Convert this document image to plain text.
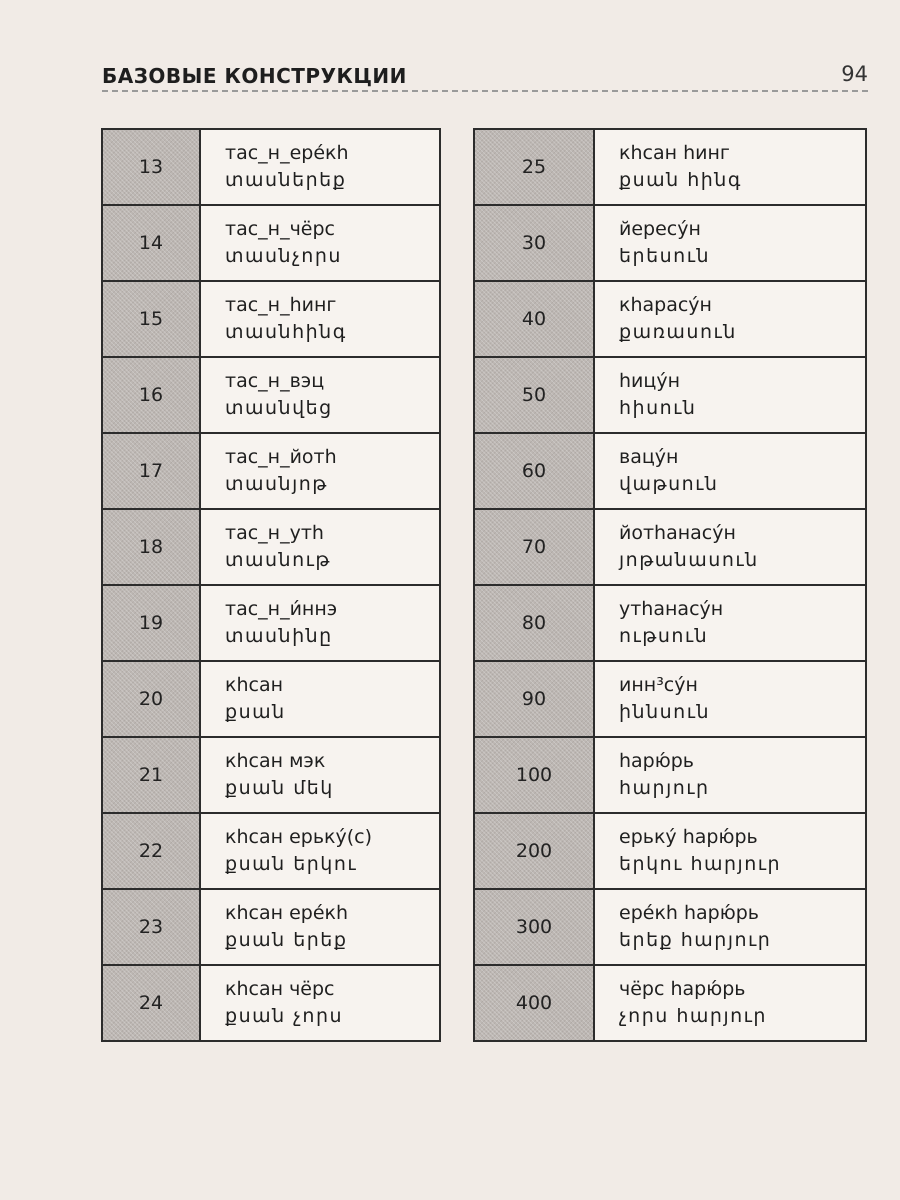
БАЗОВЫЕ КОНСТРУКЦИИ	94
13	тас_н_ере́кһ
տասներեք

14	тас_н_чёрс
տասնչորս

15	тас_н_һинг
տասնհինգ

16	тас_н_вэц
տասնվեց

17	тас_н_йотһ
տասնյոթ

18	тас_н_утһ
տասնութ

19	тас_н_и́ннэ
տասնինը

20	кһсан
քսան

21	кһсан мэк
քսան մեկ

22	кһсан ерьку́(с)
քսան երկու

23	кһсан ере́кһ
քսան երեք

24	кһсан чёрс
քսան չորս
25	кһсан һинг
քսան հինգ

30	йересу́н
երեսուն

40	кһарасу́н
քառասուն

50	һицу́н
հիսուն

60	вацу́н
վաթսուն

70	йотһанасу́н
յոթանասուն

80	утһанасу́н
ութսուն

90	инн³су́н
իննսուն

100	һарю́рь
հարյուր

200	ерьку́ һарю́рь
երկու հարյուր

300	ере́кһ һарю́рь
երեք հարյուր

400	чёрс һарю́рь
չորս հարյուր
